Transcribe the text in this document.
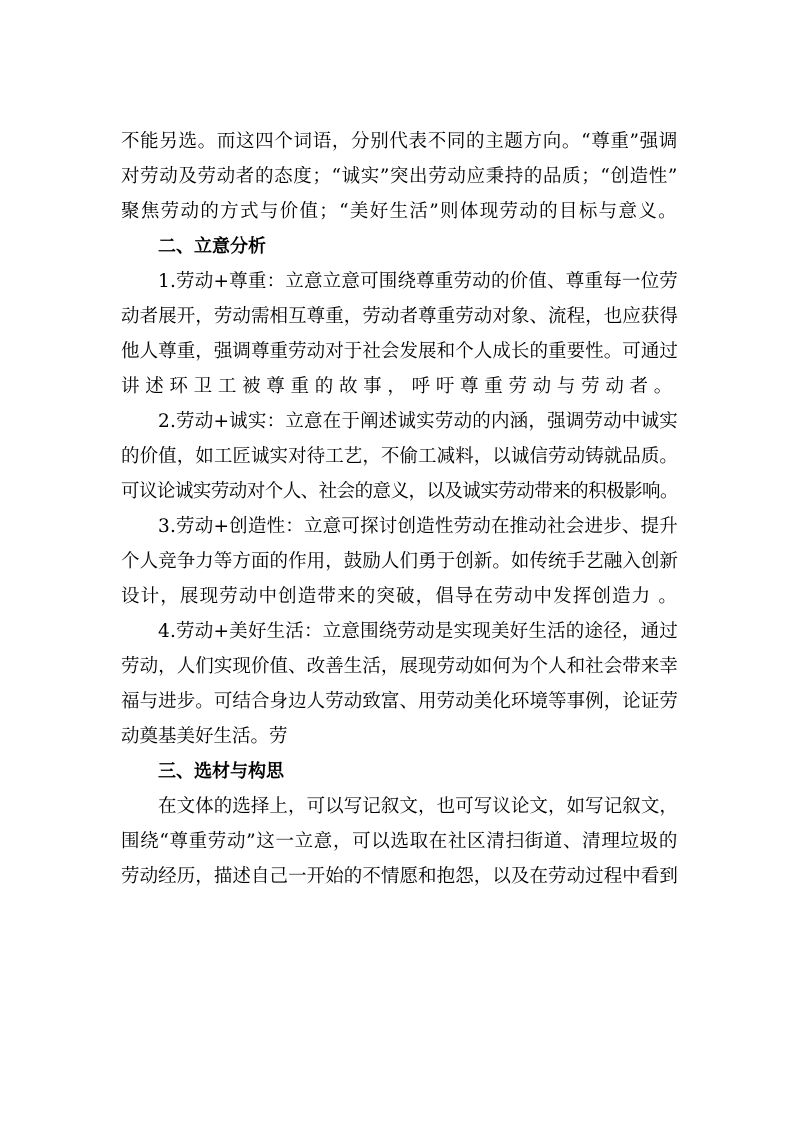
不能另选。而这四个词语，分别代表不同的主题方向。“尊重”强调
对劳动及劳动者的态度；“诚实”突出劳动应秉持的品质；“创造性”
聚焦劳动的方式与价值；“美好生活”则体现劳动的目标与意义。
二、立意分析
1.劳动+尊重：立意立意可围绕尊重劳动的价值、尊重每一位劳
动者展开，劳动需相互尊重，劳动者尊重劳动对象、流程，也应获得
他人尊重，强调尊重劳动对于社会发展和个人成长的重要性。可通过
讲述环卫工被尊重的故事，呼吁尊重劳动与劳动者。
2.劳动+诚实：立意在于阐述诚实劳动的内涵，强调劳动中诚实
的价值，如工匠诚实对待工艺，不偷工减料，以诚信劳动铸就品质。
可议论诚实劳动对个人、社会的意义，以及诚实劳动带来的积极影响。
3.劳动+创造性：立意可探讨创造性劳动在推动社会进步、提升
个人竞争力等方面的作用，鼓励人们勇于创新。如传统手艺融入创新
设计，展现劳动中创造带来的突破，倡导在劳动中发挥创造力 。
4.劳动+美好生活：立意围绕劳动是实现美好生活的途径，通过
劳动，人们实现价值、改善生活，展现劳动如何为个人和社会带来幸
福与进步。可结合身边人劳动致富、用劳动美化环境等事例，论证劳
动奠基美好生活。劳
三、选材与构思
在文体的选择上，可以写记叙文，也可写议论文，如写记叙文，
围绕“尊重劳动”这一立意，可以选取在社区清扫街道、清理垃圾的
劳动经历，描述自己一开始的不情愿和抱怨，以及在劳动过程中看到
